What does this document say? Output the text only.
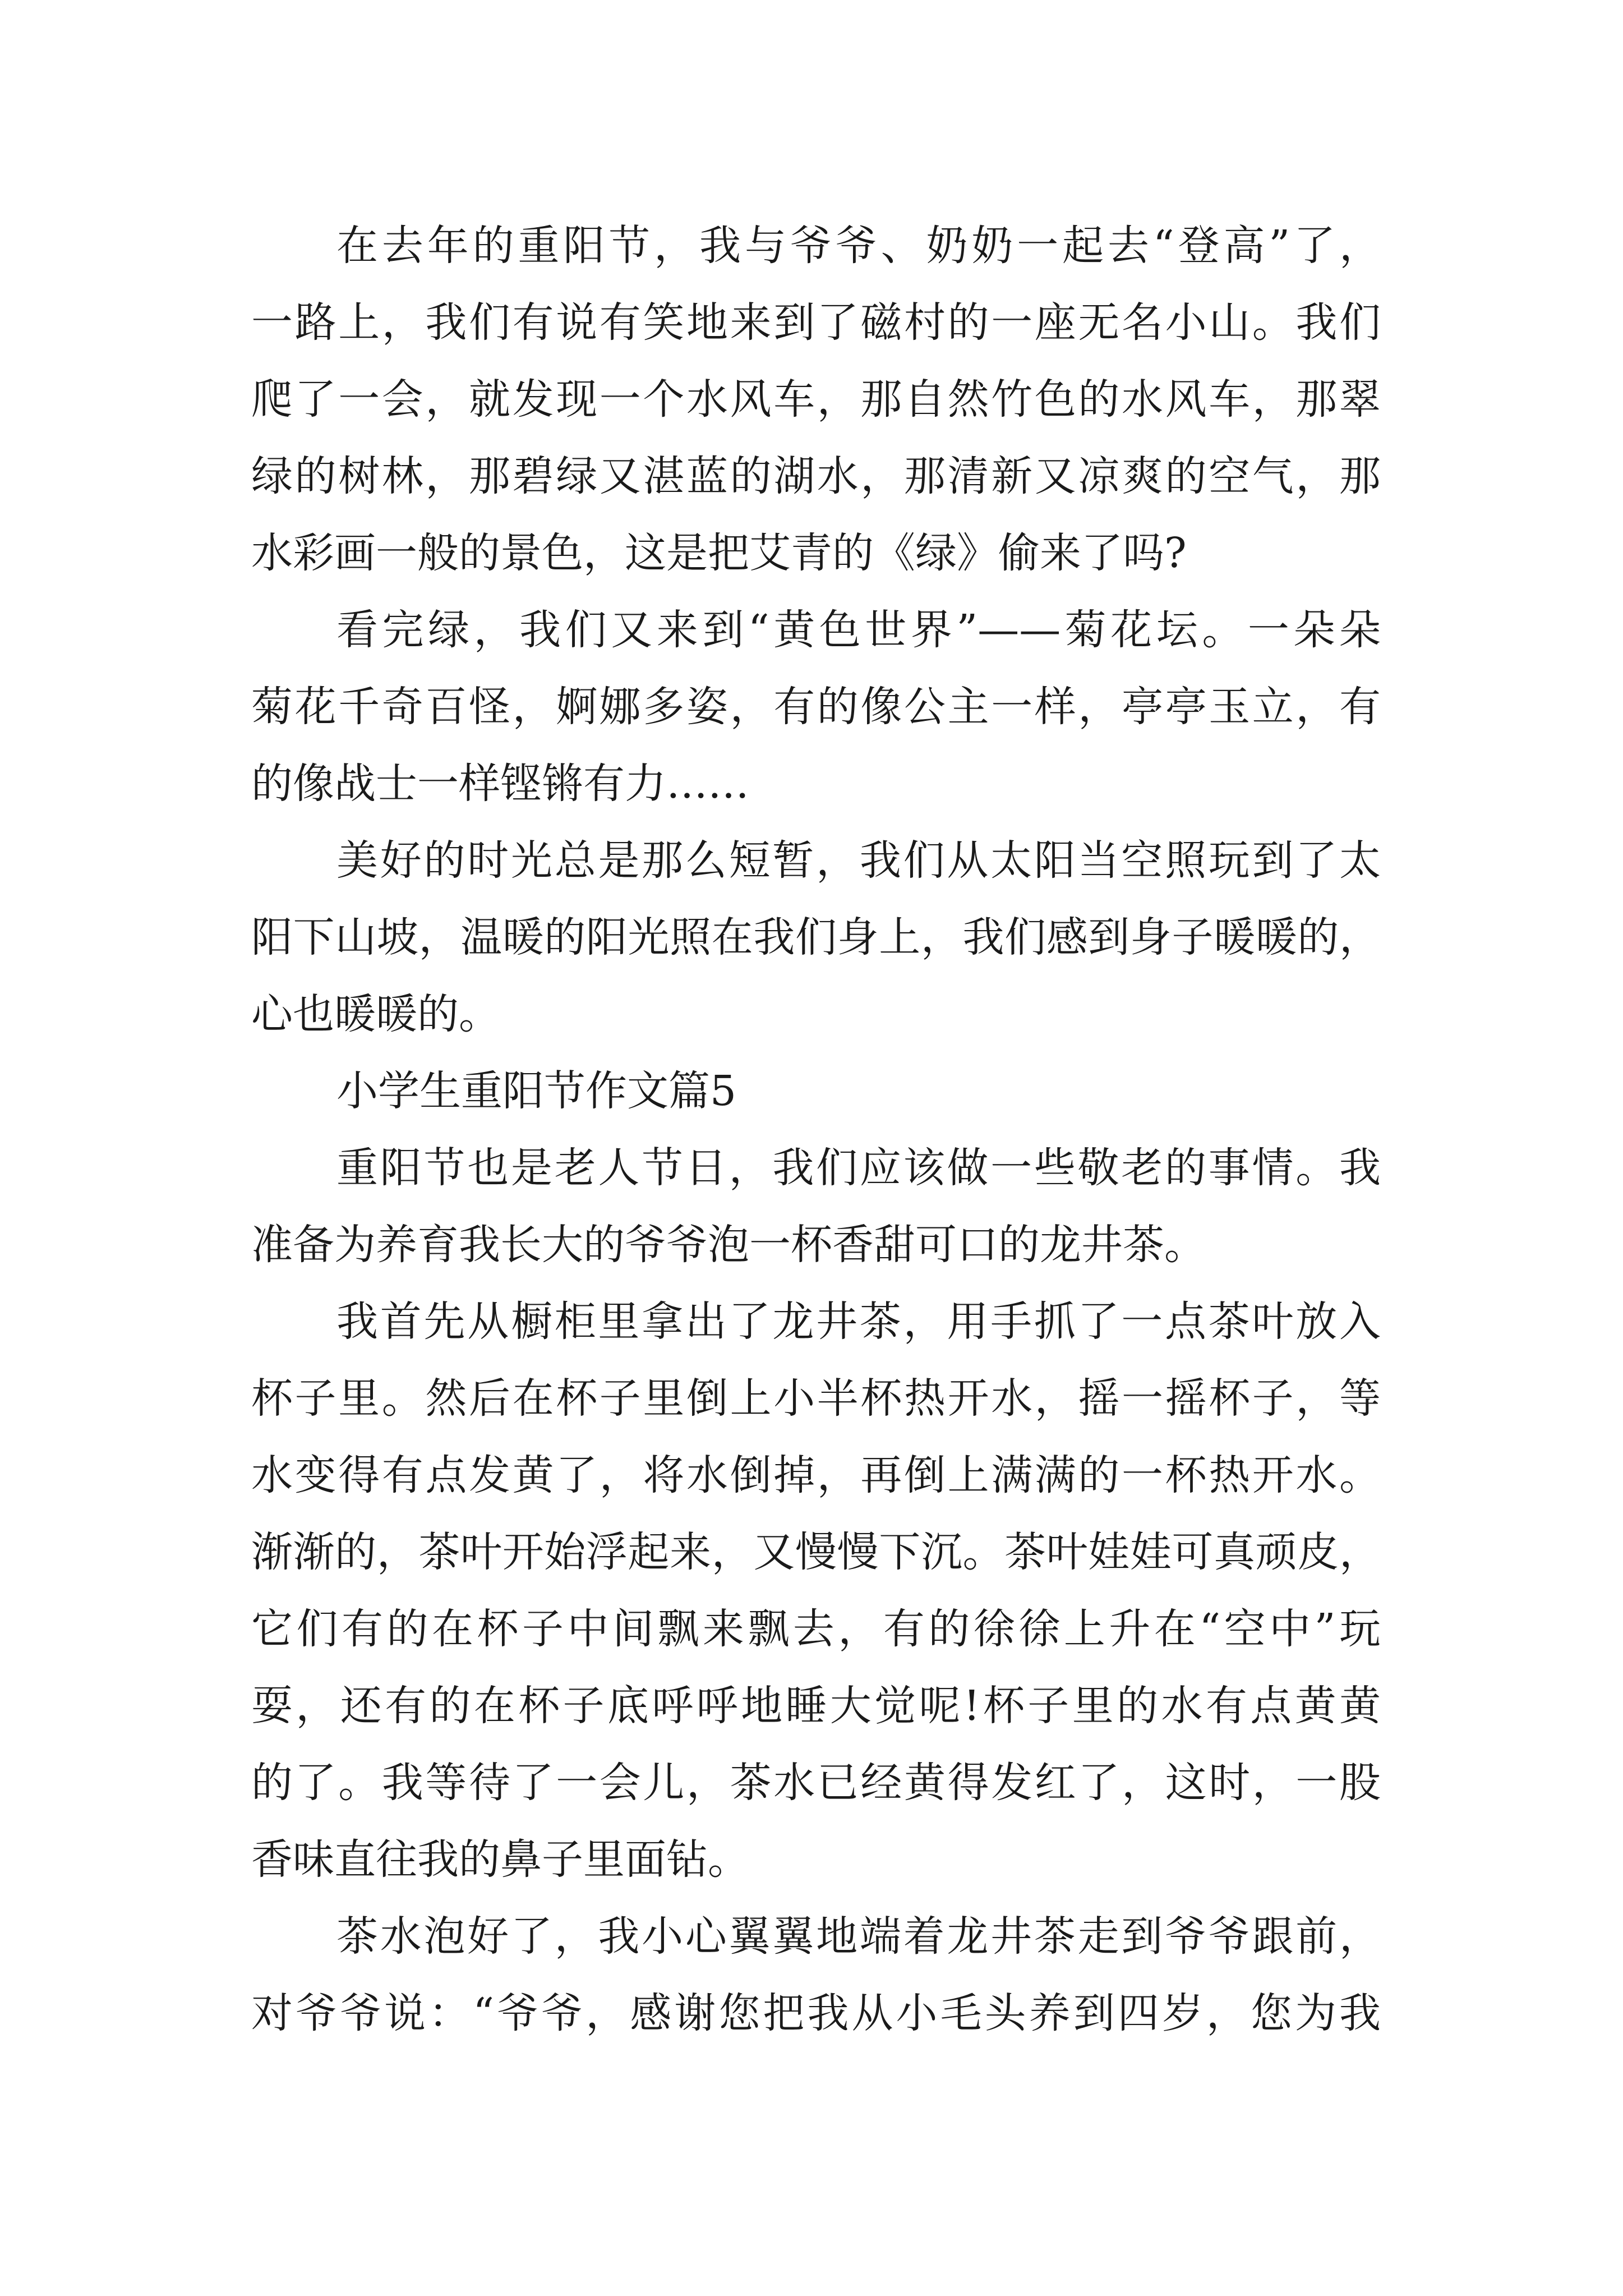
在去年的重阳节，我与爷爷、奶奶一起去“登高”了，
一路上，我们有说有笑地来到了磁村的一座无名小山。我们
爬了一会，就发现一个水风车，那自然竹色的水风车，那翠
绿的树林，那碧绿又湛蓝的湖水，那清新又凉爽的空气，那
水彩画一般的景色，这是把艾青的《绿》偷来了吗?
看完绿，我们又来到“黄色世界”——菊花坛。一朵朵
菊花千奇百怪，婀娜多姿，有的像公主一样，亭亭玉立，有
的像战士一样铿锵有力……
美好的时光总是那么短暂，我们从太阳当空照玩到了太
阳下山坡，温暖的阳光照在我们身上，我们感到身子暖暖的，
心也暖暖的。
小学生重阳节作文篇5
重阳节也是老人节日，我们应该做一些敬老的事情。我
准备为养育我长大的爷爷泡一杯香甜可口的龙井茶。
我首先从橱柜里拿出了龙井茶，用手抓了一点茶叶放入
杯子里。然后在杯子里倒上小半杯热开水，摇一摇杯子，等
水变得有点发黄了，将水倒掉，再倒上满满的一杯热开水。
渐渐的，茶叶开始浮起来，又慢慢下沉。茶叶娃娃可真顽皮，
它们有的在杯子中间飘来飘去，有的徐徐上升在“空中”玩
耍，还有的在杯子底呼呼地睡大觉呢!杯子里的水有点黄黄
的了。我等待了一会儿，茶水已经黄得发红了，这时，一股
香味直往我的鼻子里面钻。
茶水泡好了，我小心翼翼地端着龙井茶走到爷爷跟前，
对爷爷说：“爷爷，感谢您把我从小毛头养到四岁，您为我
